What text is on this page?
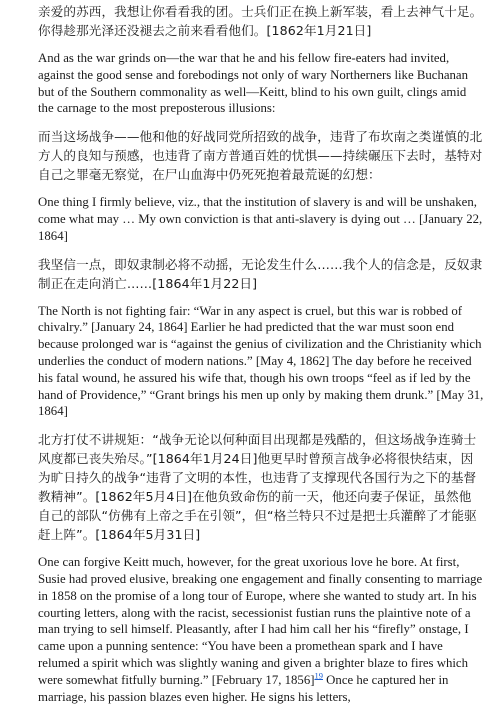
亲爱的苏西，我想让你看看我的团。士兵们正在换上新军装，看上去神气十足。你得趁那光泽还没褪去之前来看看他们。[1862年1月21日]

And as the war grinds on—the war that he and his fellow fire-eaters had invited, against the good sense and forebodings not only of wary Northerners like Buchanan but of the Southern commonality as well—Keitt, blind to his own guilt, clings amid the carnage to the most preposterous illusions:

而当这场战争——他和他的好战同党所招致的战争，违背了布坎南之类谨慎的北方人的良知与预感，也违背了南方普通百姓的忧惧——持续碾压下去时，基特对自己之罪毫无察觉，在尸山血海中仍死死抱着最荒诞的幻想：

One thing I firmly believe, viz., that the institution of slavery is and will be unshaken, come what may … My own conviction is that anti-slavery is dying out … [January 22, 1864]

我坚信一点，即奴隶制必将不动摇，无论发生什么……我个人的信念是，反奴隶制正在走向消亡……[1864年1月22日]

The North is not fighting fair: “War in any aspect is cruel, but this war is robbed of chivalry.” [January 24, 1864] Earlier he had predicted that the war must soon end because prolonged war is “against the genius of civilization and the Christianity which underlies the conduct of modern nations.” [May 4, 1862] The day before he received his fatal wound, he assured his wife that, though his own troops “feel as if led by the hand of Providence,” “Grant brings his men up only by making them drunk.” [May 31, 1864]

北方打仗不讲规矩：“战争无论以何种面目出现都是残酷的，但这场战争连骑士风度都已丧失殆尽。”[1864年1月24日]他更早时曾预言战争必将很快结束，因为旷日持久的战争“违背了文明的本性，也违背了支撑现代各国行为之下的基督教精神”。[1862年5月4日]在他负致命伤的前一天，他还向妻子保证，虽然他自己的部队“仿佛有上帝之手在引领”，但“格兰特只不过是把士兵灌醉了才能驱赶上阵”。[1864年5月31日]

One can forgive Keitt much, however, for the great uxorious love he bore. At first, Susie had proved elusive, breaking one engagement and finally consenting to marriage in 1858 on the promise of a long tour of Europe, where she wanted to study art. In his courting letters, along with the racist, secessionist fustian runs the plaintive note of a man trying to sell himself. Pleasantly, after I had him call her his “firefly” onstage, I came upon a punning sentence: “You have been a promethean spark and I have relumed a spirit which was slightly waning and given a brighter blaze to fires which were somewhat fitfully burning.” [February 17, 1856]$^{19}$ Once he captured her in marriage, his passion blazes even higher. He signs his letters,
